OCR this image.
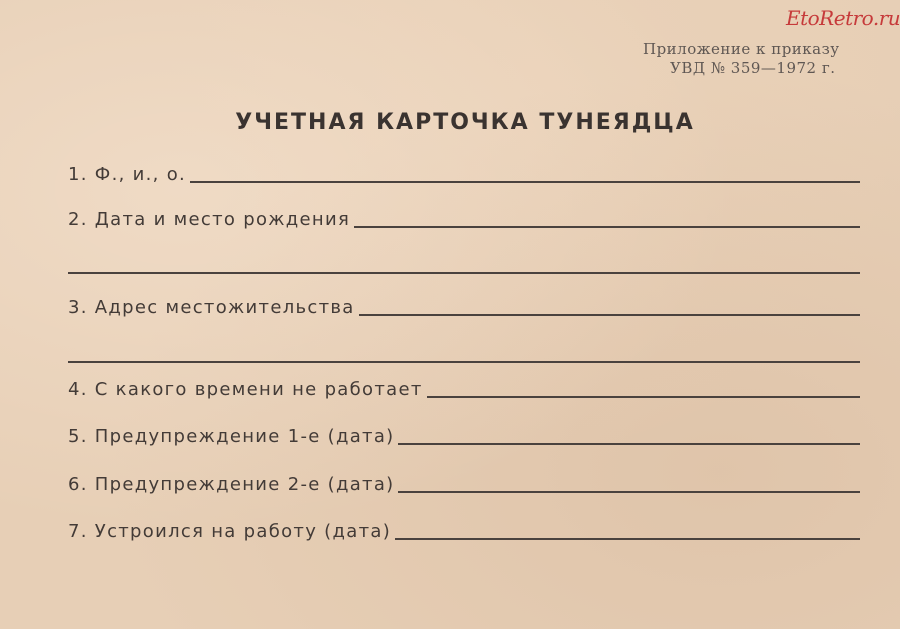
EtoRetro.ru
Приложение к приказу
УВД № 359—1972 г.
УЧЕТНАЯ КАРТОЧКА ТУНЕЯДЦА
1. Ф., и., о.
2. Дата и место рождения
3. Адрес местожительства
4. С какого времени не работает
5. Предупреждение 1-е (дата)
6. Предупреждение 2-е (дата)
7. Устроился на работу (дата)
